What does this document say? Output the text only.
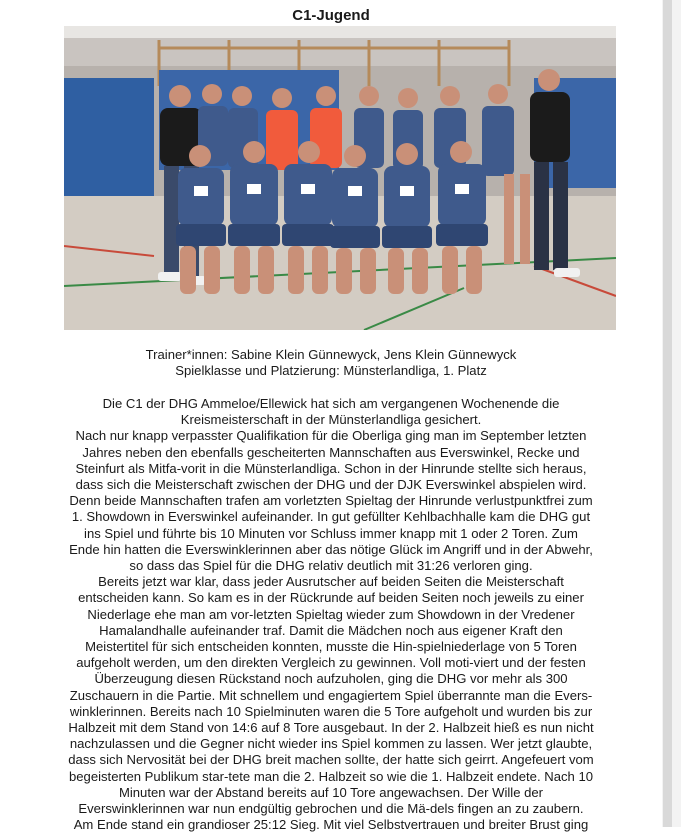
C1-Jugend
Trainer*innen: Sabine Klein Günnewyck, Jens Klein Günnewyck
Spielklasse und Platzierung: Münsterlandliga, 1. Platz
Die C1 der DHG Ammeloe/Ellewick hat sich am vergangenen Wochenende die
Kreismeisterschaft in der Münsterlandliga gesichert.
Nach nur knapp verpasster Qualifikation für die Oberliga ging man im September letzten
Jahres neben den ebenfalls gescheiterten Mannschaften aus Everswinkel, Recke und
Steinfurt als Mitfa-vorit in die Münsterlandliga. Schon in der Hinrunde stellte sich heraus,
dass sich die Meisterschaft zwischen der DHG und der DJK Everswinkel abspielen wird.
Denn beide Mannschaften trafen am vorletzten Spieltag der Hinrunde verlustpunktfrei zum
1. Showdown in Everswinkel aufeinander. In gut gefüllter Kehlbachhalle kam die DHG gut
ins Spiel und führte bis 10 Minuten vor Schluss immer knapp mit 1 oder 2 Toren. Zum
Ende hin hatten die Everswinklerinnen aber das nötige Glück im Angriff und in der Abwehr,
so dass das Spiel für die DHG relativ deutlich mit 31:26 verloren ging.
Bereits jetzt war klar, dass jeder Ausrutscher auf beiden Seiten die Meisterschaft
entscheiden kann. So kam es in der Rückrunde auf beiden Seiten noch jeweils zu einer
Niederlage ehe man am vor-letzten Spieltag wieder zum Showdown in der Vredener
Hamalandhalle aufeinander traf. Damit die Mädchen noch aus eigener Kraft den
Meistertitel für sich entscheiden konnten, musste die Hin-spielniederlage von 5 Toren
aufgeholt werden, um den direkten Vergleich zu gewinnen. Voll moti-viert und der festen
Überzeugung diesen Rückstand noch aufzuholen, ging die DHG vor mehr als 300
Zuschauern in die Partie. Mit schnellem und engagiertem Spiel überrannte man die Evers-
winklerinnen. Bereits nach 10 Spielminuten waren die 5 Tore aufgeholt und wurden bis zur
Halbzeit mit dem Stand von 14:6 auf 8 Tore ausgebaut. In der 2. Halbzeit hieß es nun nicht
nachzulassen und die Gegner nicht wieder ins Spiel kommen zu lassen. Wer jetzt glaubte,
dass sich Nervosität bei der DHG breit machen sollte, der hatte sich geirrt. Angefeuert vom
begeisterten Publikum star-tete man die 2. Halbzeit so wie die 1. Halbzeit endete. Nach 10
Minuten war der Abstand bereits auf 10 Tore angewachsen. Der Wille der
Everswinklerinnen war nun endgültig gebrochen und die Mä-dels fingen an zu zaubern.
Am Ende stand ein grandioser 25:12 Sieg. Mit viel Selbstvertrauen und breiter Brust ging
